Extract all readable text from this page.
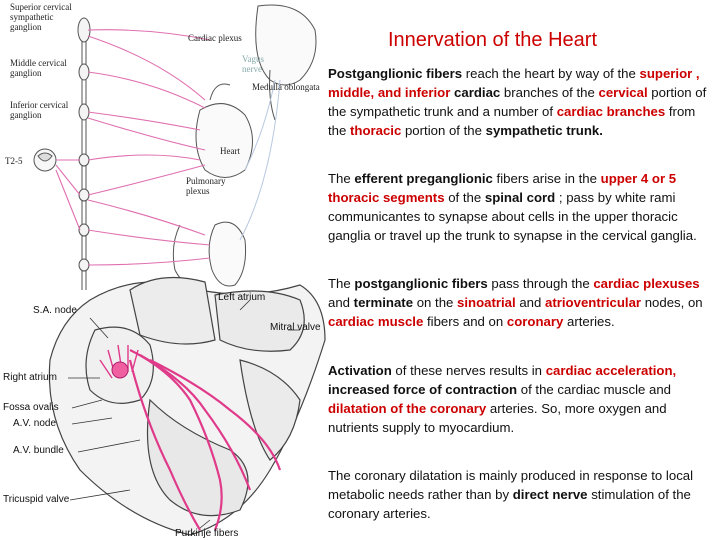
Superior cervical
sympathetic
ganglion
Middle cervical
ganglion
Inferior cervical
ganglion
T2-5
Cardiac plexus
Vagus
nerve
Medulla oblongata
Heart
Pulmonary
plexus
Left atrium
S.A. node
Mitral valve
Right atrium
Fossa ovalis
A.V. node
A.V. bundle
Tricuspid valve
Purkinje fibers
Innervation of the Heart

Postganglionic fibers reach the heart by way of the superior , middle, and inferior cardiac branches of the cervical portion of the sympathetic trunk and a number of cardiac branches from the thoracic portion of the sympathetic trunk.

The efferent preganglionic fibers arise in the upper 4 or 5 thoracic segments of the spinal cord ; pass by white rami communicantes to synapse about cells in the upper thoracic ganglia or travel up the trunk to synapse in the cervical ganglia.

The postganglionic fibers pass through the cardiac plexuses and terminate on the sinoatrial and atrioventricular nodes, on cardiac muscle fibers and on coronary arteries.

Activation of these nerves results in cardiac acceleration, increased force of contraction of the cardiac muscle and dilatation of the coronary arteries. So, more oxygen and nutrients supply to myocardium.

The coronary dilatation is mainly produced in response to local metabolic needs rather than by direct nerve stimulation of the coronary arteries.
